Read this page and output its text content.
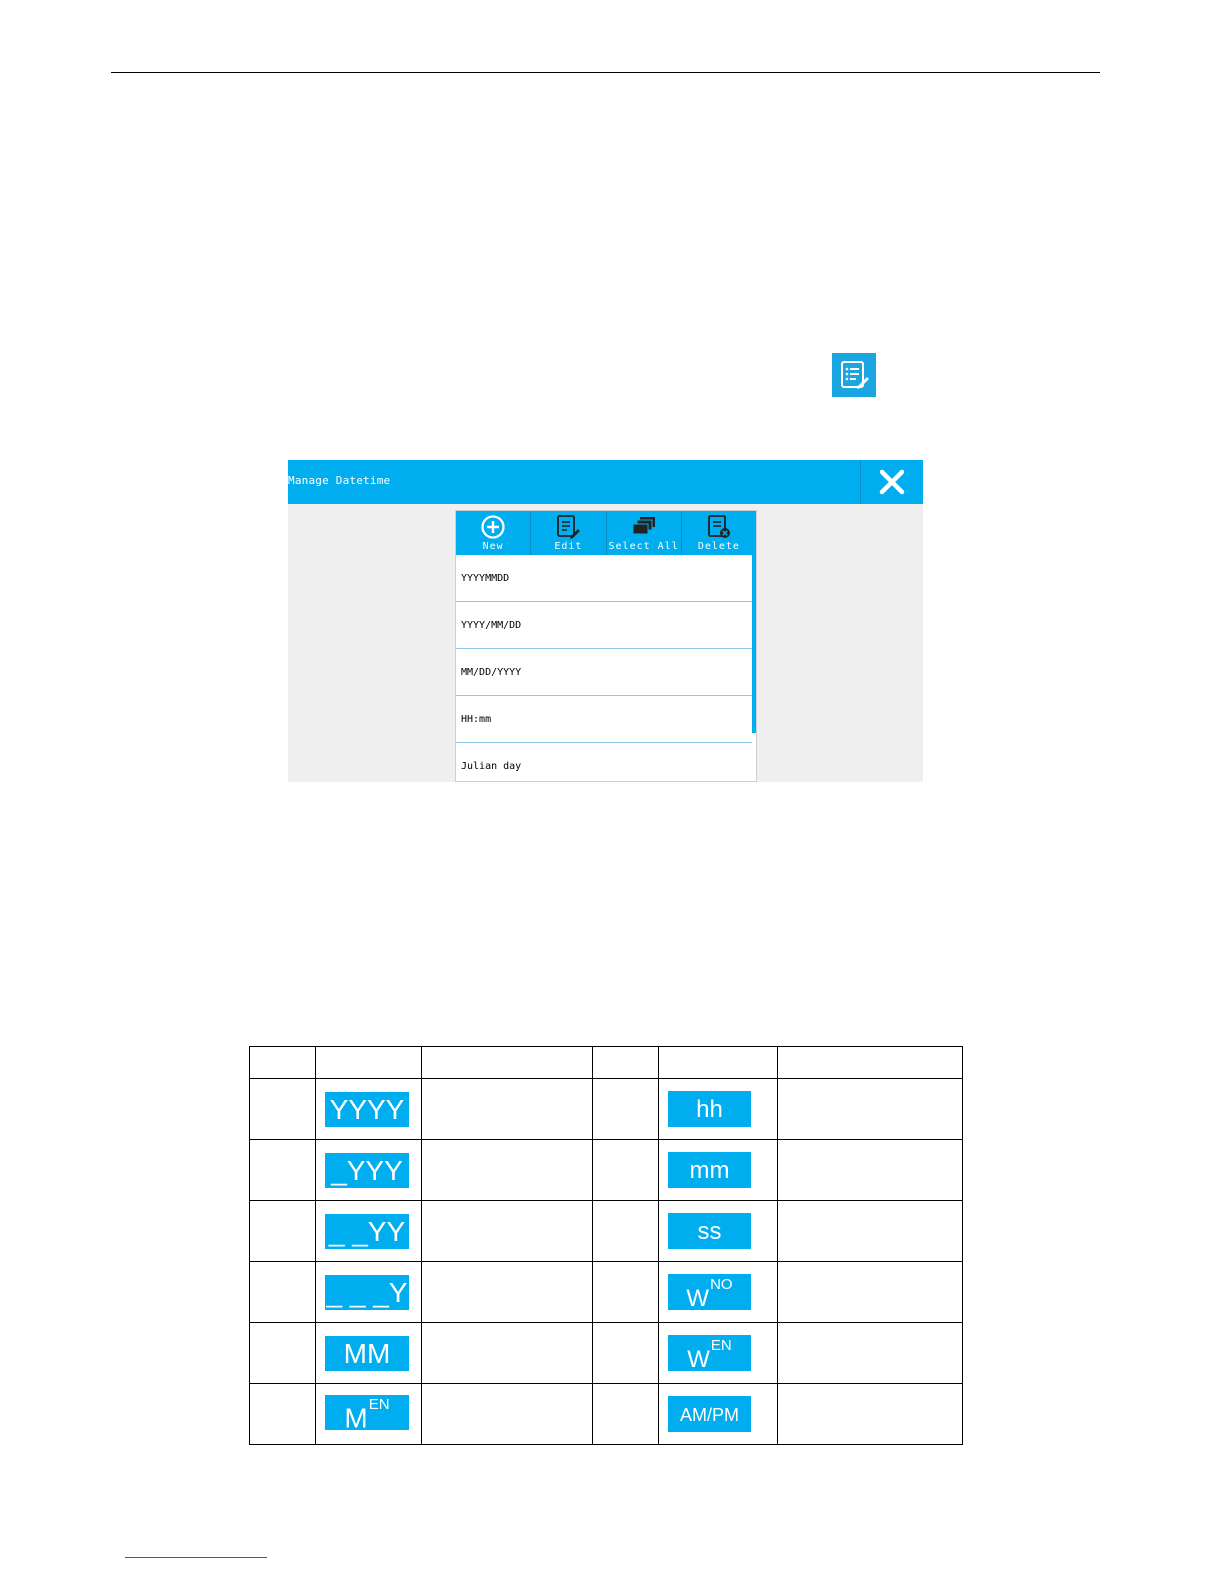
Manage Datetime
New	Edit	Select All	Delete
YYYYMMDD
YYYY/MM/DD
MM/DD/YYYY
HH:mm
Julian day

	YYYY			hh	
	_YYY			mm	
	_ _YY			ss	
	_ _ _Y			$W^{NO}$	
	MM			$W^{EN}$	
	$M^{EN}$			AM/PM	
